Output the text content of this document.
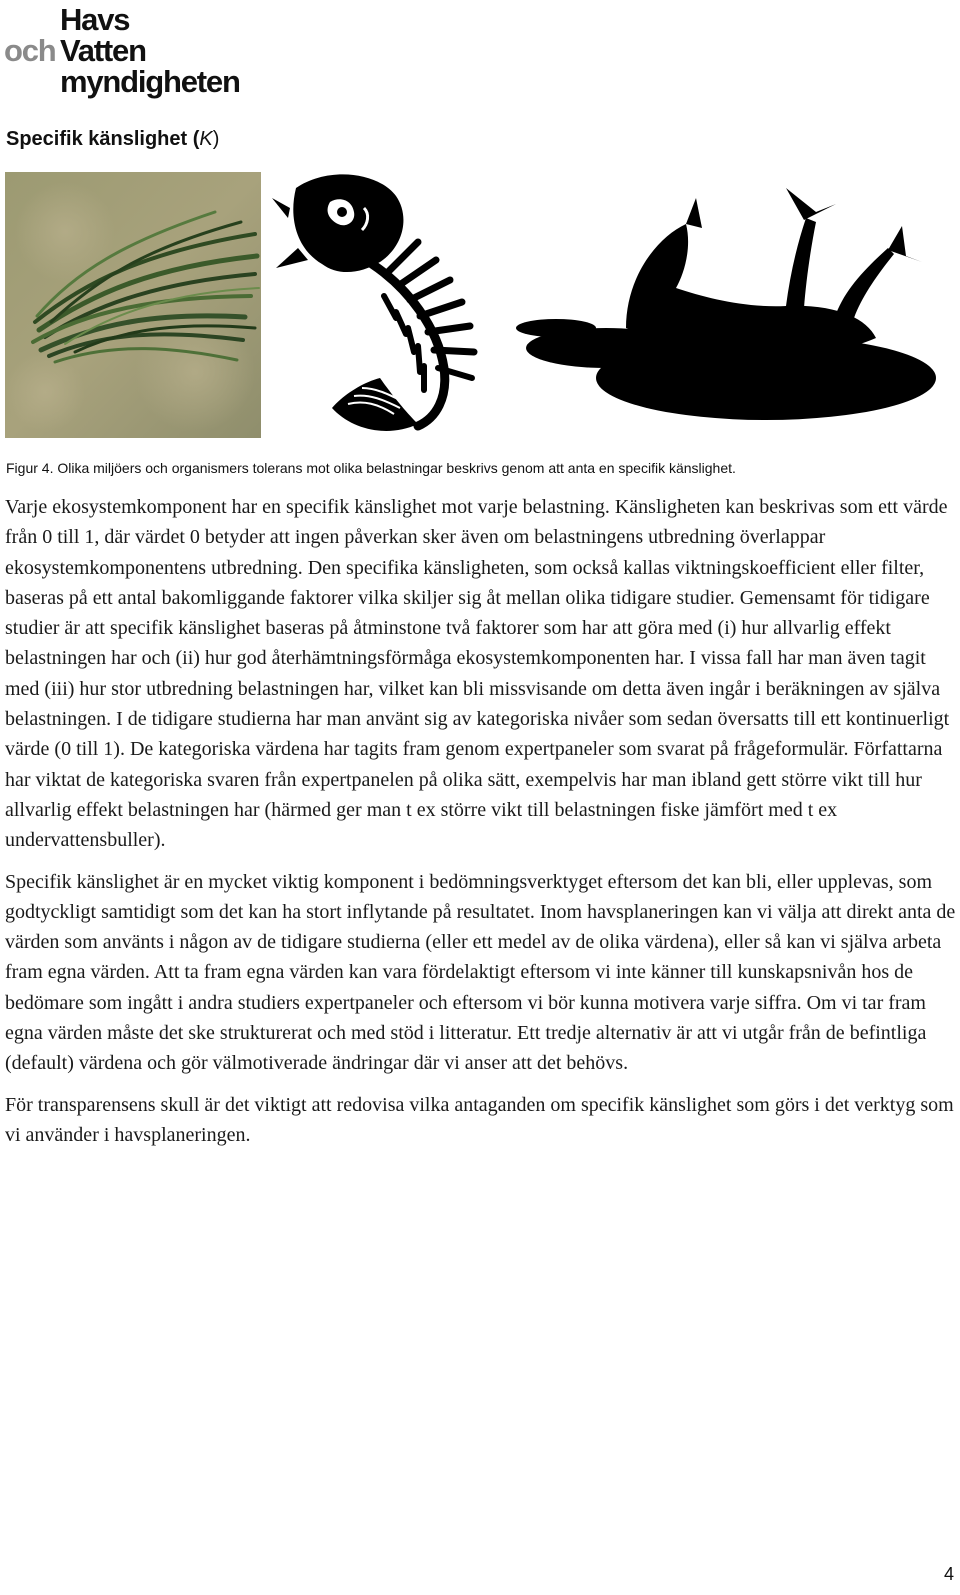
Havs
och Vatten
myndigheten
Specifik känslighet (K)
Figur 4. Olika miljöers och organismers tolerans mot olika belastningar beskrivs genom att anta en specifik känslighet.

Varje ekosystemkomponent har en specifik känslighet mot varje belastning. Känsligheten kan beskrivas som ett värde från 0 till 1, där värdet 0 betyder att ingen påverkan sker även om belastningens utbredning överlappar ekosystemkomponentens utbredning. Den specifika känsligheten, som också kallas viktningskoefficient eller filter, baseras på ett antal bakomliggande faktorer vilka skiljer sig åt mellan olika tidigare studier. Gemensamt för tidigare studier är att specifik känslighet baseras på åtminstone två faktorer som har att göra med (i) hur allvarlig effekt belastningen har och (ii) hur god återhämtningsförmåga ekosystemkomponenten har. I vissa fall har man även tagit med (iii) hur stor utbredning belastningen har, vilket kan bli missvisande om detta även ingår i beräkningen av själva belastningen. I de tidigare studierna har man använt sig av kategoriska nivåer som sedan översatts till ett kontinuerligt värde (0 till 1). De kategoriska värdena har tagits fram genom expertpaneler som svarat på frågeformulär. Författarna har viktat de kategoriska svaren från expertpanelen på olika sätt, exempelvis har man ibland gett större vikt till hur allvarlig effekt belastningen har (härmed ger man t ex större vikt till belastningen fiske jämfört med t ex undervattensbuller).

Specifik känslighet är en mycket viktig komponent i bedömningsverktyget eftersom det kan bli, eller upplevas, som godtyckligt samtidigt som det kan ha stort inflytande på resultatet. Inom havsplaneringen kan vi välja att direkt anta de värden som använts i någon av de tidigare studierna (eller ett medel av de olika värdena), eller så kan vi själva arbeta fram egna värden. Att ta fram egna värden kan vara fördelaktigt eftersom vi inte känner till kunskapsnivån hos de bedömare som ingått i andra studiers expertpaneler och eftersom vi bör kunna motivera varje siffra. Om vi tar fram egna värden måste det ske strukturerat och med stöd i litteratur. Ett tredje alternativ är att vi utgår från de befintliga (default) värdena och gör välmotiverade ändringar där vi anser att det behövs.

För transparensens skull är det viktigt att redovisa vilka antaganden om specifik känslighet som görs i det verktyg som vi använder i havsplaneringen.

4
